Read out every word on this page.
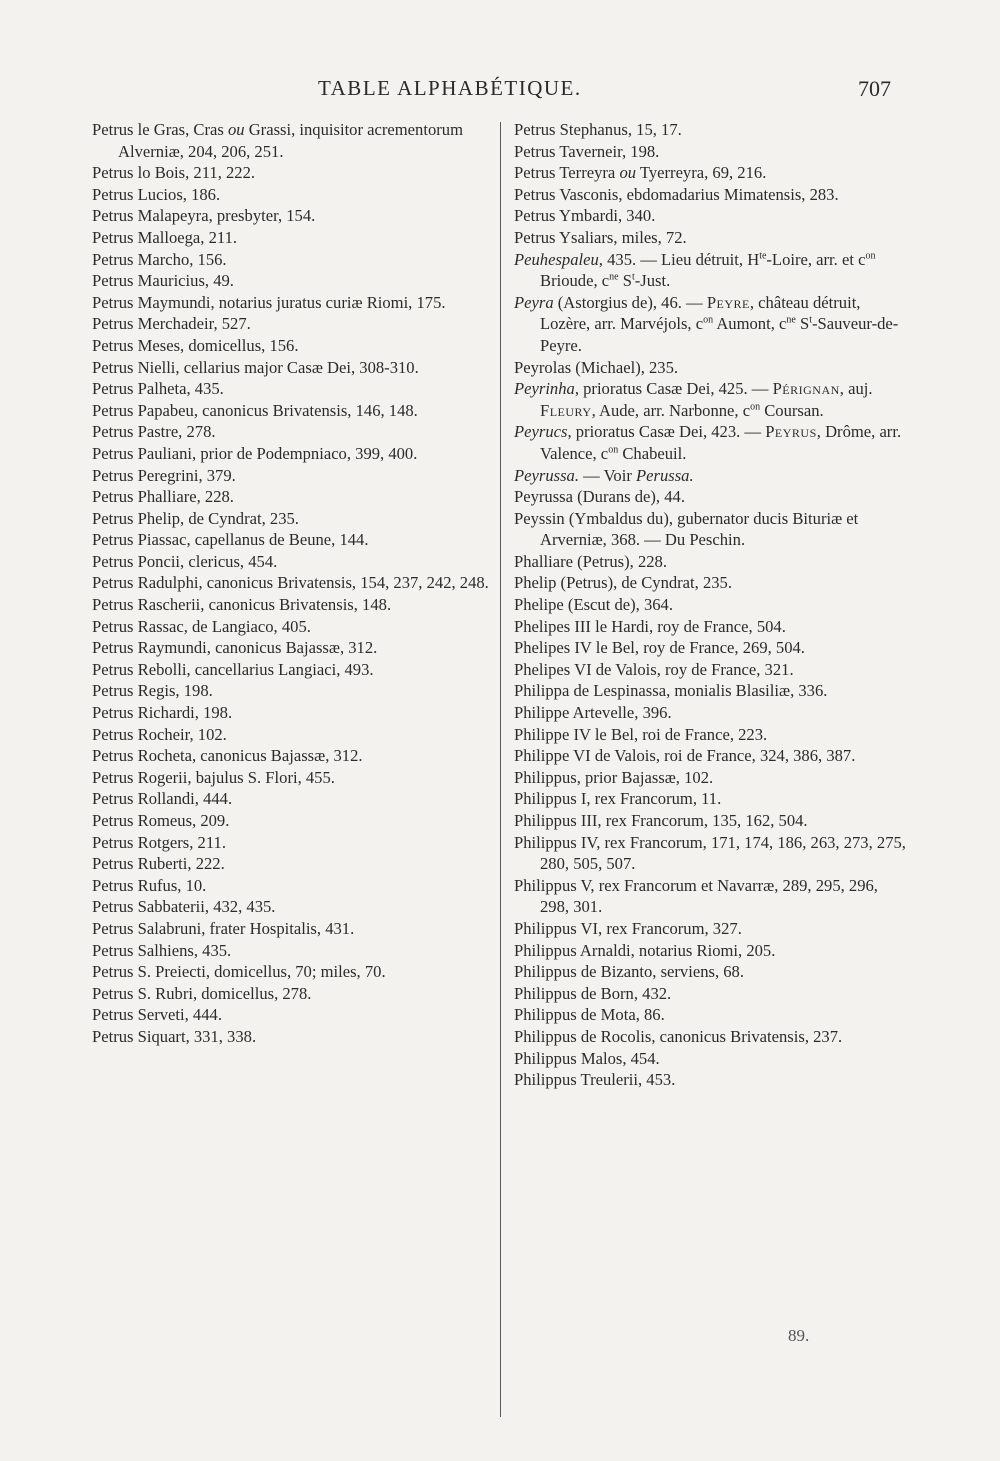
TABLE ALPHABÉTIQUE.	707

Petrus le Gras, Cras ou Grassi, inquisitor acrementorum Alverniæ, 204, 206, 251.

Petrus lo Bois, 211, 222.

Petrus Lucios, 186.

Petrus Malapeyra, presbyter, 154.

Petrus Malloega, 211.

Petrus Marcho, 156.

Petrus Mauricius, 49.

Petrus Maymundi, notarius juratus curiæ Riomi, 175.

Petrus Merchadeir, 527.

Petrus Meses, domicellus, 156.

Petrus Nielli, cellarius major Casæ Dei, 308-310.

Petrus Palheta, 435.

Petrus Papabeu, canonicus Brivatensis, 146, 148.

Petrus Pastre, 278.

Petrus Pauliani, prior de Podempniaco, 399, 400.

Petrus Peregrini, 379.

Petrus Phalliare, 228.

Petrus Phelip, de Cyndrat, 235.

Petrus Piassac, capellanus de Beune, 144.

Petrus Poncii, clericus, 454.

Petrus Radulphi, canonicus Brivatensis, 154, 237, 242, 248.

Petrus Rascherii, canonicus Brivatensis, 148.

Petrus Rassac, de Langiaco, 405.

Petrus Raymundi, canonicus Bajassæ, 312.

Petrus Rebolli, cancellarius Langiaci, 493.

Petrus Regis, 198.

Petrus Richardi, 198.

Petrus Rocheir, 102.

Petrus Rocheta, canonicus Bajassæ, 312.

Petrus Rogerii, bajulus S. Flori, 455.

Petrus Rollandi, 444.

Petrus Romeus, 209.

Petrus Rotgers, 211.

Petrus Ruberti, 222.

Petrus Rufus, 10.

Petrus Sabbaterii, 432, 435.

Petrus Salabruni, frater Hospitalis, 431.

Petrus Salhiens, 435.

Petrus S. Preiecti, domicellus, 70; miles, 70.

Petrus S. Rubri, domicellus, 278.

Petrus Serveti, 444.

Petrus Siquart, 331, 338.

Petrus Stephanus, 15, 17.

Petrus Taverneir, 198.

Petrus Terreyra ou Tyerreyra, 69, 216.

Petrus Vasconis, ebdomadarius Mimatensis, 283.

Petrus Ymbardi, 340.

Petrus Ysaliars, miles, 72.

Peuhespaleu, 435. — Lieu détruit, $H^{te}$-Loire, arr. et $c^{on}$ Brioude, $c^{ne}$ $S^t$-Just.

Peyra (Astorgius de), 46. — Peyre, château détruit, Lozère, arr. Marvéjols, $c^{on}$ Aumont, $c^{ne}$ $S^t-Sauveur-de$-Peyre.

Peyrolas (Michael), 235.

Peyrinha, prioratus Casæ Dei, 425. — Pérignan, auj. Fleury, Aude, arr. Narbonne, $c^{on}$ Coursan.

Peyrucs, prioratus Casæ Dei, 423. — Peyrus, Drôme, arr. Valence, $c^{on}$ Chabeuil.

Peyrussa. — Voir Perussa.

Peyrussa (Durans de), 44.

Peyssin (Ymbaldus du), gubernator ducis Bituriæ et Arverniæ, 368. — Du Peschin.

Phalliare (Petrus), 228.

Phelip (Petrus), de Cyndrat, 235.

Phelipe (Escut de), 364.

Phelipes III le Hardi, roy de France, 504.

Phelipes IV le Bel, roy de France, 269, 504.

Phelipes VI de Valois, roy de France, 321.

Philippa de Lespinassa, monialis Blasiliæ, 336.

Philippe Artevelle, 396.

Philippe IV le Bel, roi de France, 223.

Philippe VI de Valois, roi de France, 324, 386, 387.

Philippus, prior Bajassæ, 102.

Philippus I, rex Francorum, 11.

Philippus III, rex Francorum, 135, 162, 504.

Philippus IV, rex Francorum, 171, 174, 186, 263, 273, 275, 280, 505, 507.

Philippus V, rex Francorum et Navarræ, 289, 295, 296, 298, 301.

Philippus VI, rex Francorum, 327.

Philippus Arnaldi, notarius Riomi, 205.

Philippus de Bizanto, serviens, 68.

Philippus de Born, 432.

Philippus de Mota, 86.

Philippus de Rocolis, canonicus Brivatensis, 237.

Philippus Malos, 454.

Philippus Treulerii, 453.

89.
